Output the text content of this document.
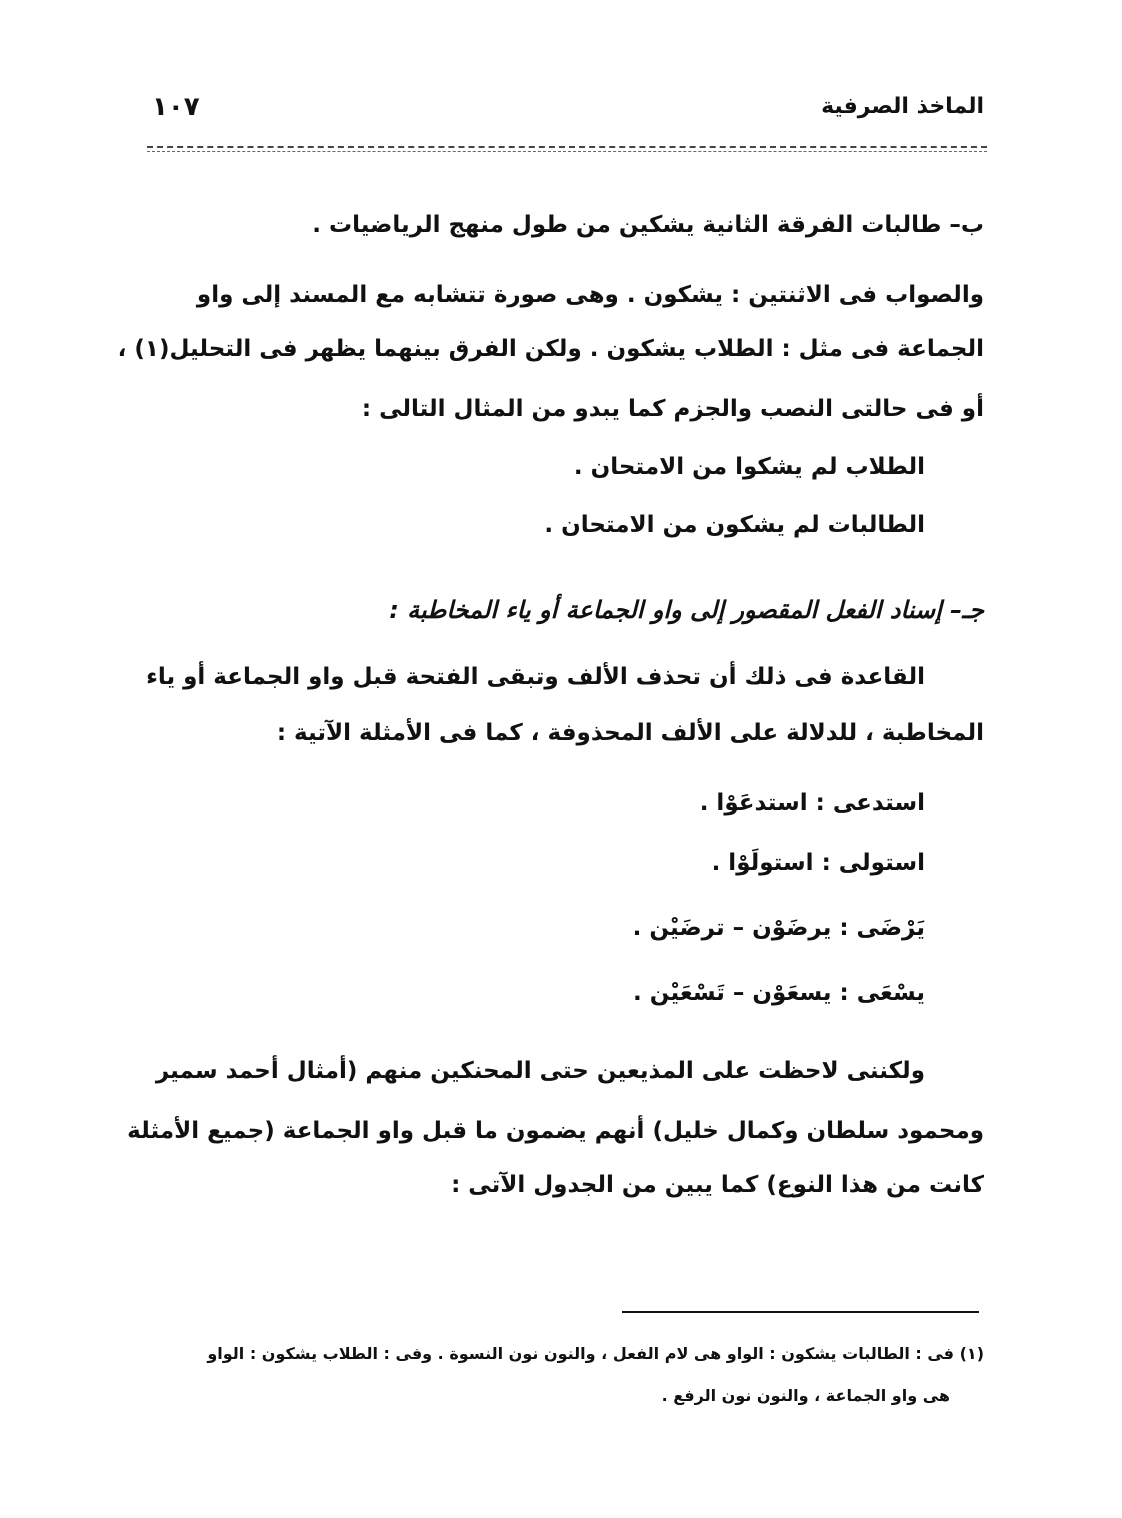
الماخذ الصرفية
١٠٧
ب– طالبات الفرقة الثانية يشكين من طول منهج الرياضيات .
والصواب فى الاثنتين : يشكون . وهى صورة تتشابه مع المسند إلى واو
الجماعة فى مثل : الطلاب يشكون . ولكن الفرق بينهما يظهر فى التحليل(١) ،
أو فى حالتى النصب والجزم كما يبدو من المثال التالى :
الطلاب لم يشكوا من الامتحان .
الطالبات لم يشكون من الامتحان .
جـ– إسناد الفعل المقصور إلى واو الجماعة أو ياء المخاطبة :
القاعدة فى ذلك أن تحذف الألف وتبقى الفتحة قبل واو الجماعة أو ياء
المخاطبة ، للدلالة على الألف المحذوفة ، كما فى الأمثلة الآتية :
استدعى : استدعَوْا .
استولى : استولَوْا .
يَرْضَى : يرضَوْن – ترضَيْن .
يسْعَى : يسعَوْن – تَسْعَيْن .
ولكننى لاحظت على المذيعين حتى المحنكين منهم (أمثال أحمد سمير
ومحمود سلطان وكمال خليل) أنهم يضمون ما قبل واو الجماعة (جميع الأمثلة
كانت من هذا النوع) كما يبين من الجدول الآتى :
(١) فى : الطالبات يشكون : الواو هى لام الفعل ، والنون نون النسوة . وفى : الطلاب يشكون : الواو
هى واو الجماعة ، والنون نون الرفع .
